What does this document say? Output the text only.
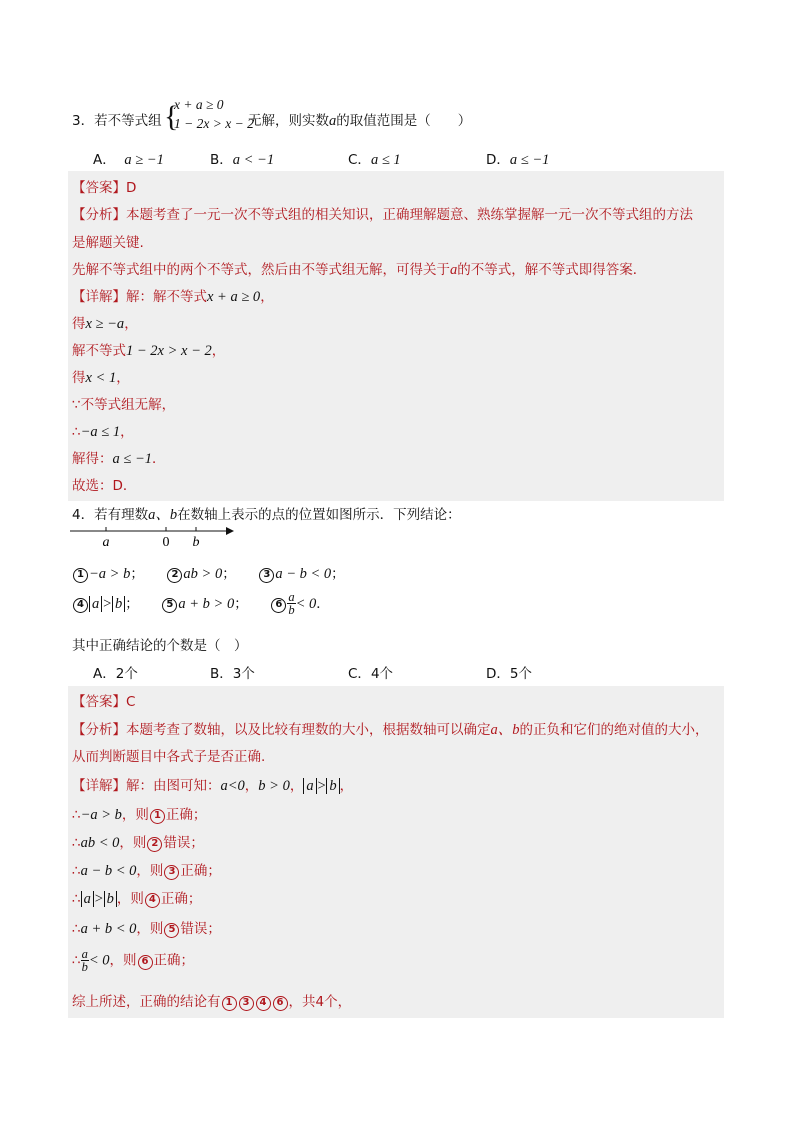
3．若不等式组 {
x + a ≥ 0
1 − 2x > x − 2
无解，则实数a的取值范围是（　　）
A． a ≥ −1	B．a < −1	C．a ≤ 1	D．a ≤ −1
【答案】D
【分析】本题考查了一元一次不等式组的相关知识，正确理解题意、熟练掌握解一元一次不等式组的方法
是解题关键.
先解不等式组中的两个不等式，然后由不等式组无解，可得关于a的不等式，解不等式即得答案．
【详解】解：解不等式x + a ≥ 0，
得x ≥ −a，
解不等式1 − 2x > x − 2，
得x < 1，
∵不等式组无解，
∴−a ≤ 1，
解得：a ≤ −1．
故选：D．
4．若有理数a、b在数轴上表示的点的位置如图所示．下列结论：
a	0 b
1 −a > b；	2 ab > 0；	3 a − b < 0；
4 a > b ；	5 a + b > 0；	$6 \frac{a}{b} < 0$．
其中正确结论的个数是（　）
A．2个	B．3个	C．4个	D．5个
【答案】C
【分析】本题考查了数轴，以及比较有理数的大小，根据数轴可以确定a、b的正负和它们的绝对值的大小，
从而判断题目中各式子是否正确.
【详解】解：由图可知：a<0，b > 0， a > b ，
∴−a > b，则 1 正确；
∴ab < 0，则 2 错误；
∴a − b < 0，则 3 正确；
∴ a > b ，则 4 正确；
∴a + b < 0，则 5 错误；
∴ $\frac{a}{b} < 0$，则 6 正确；
综上所述，正确的结论有 1 3 4 6 ，共4个，
